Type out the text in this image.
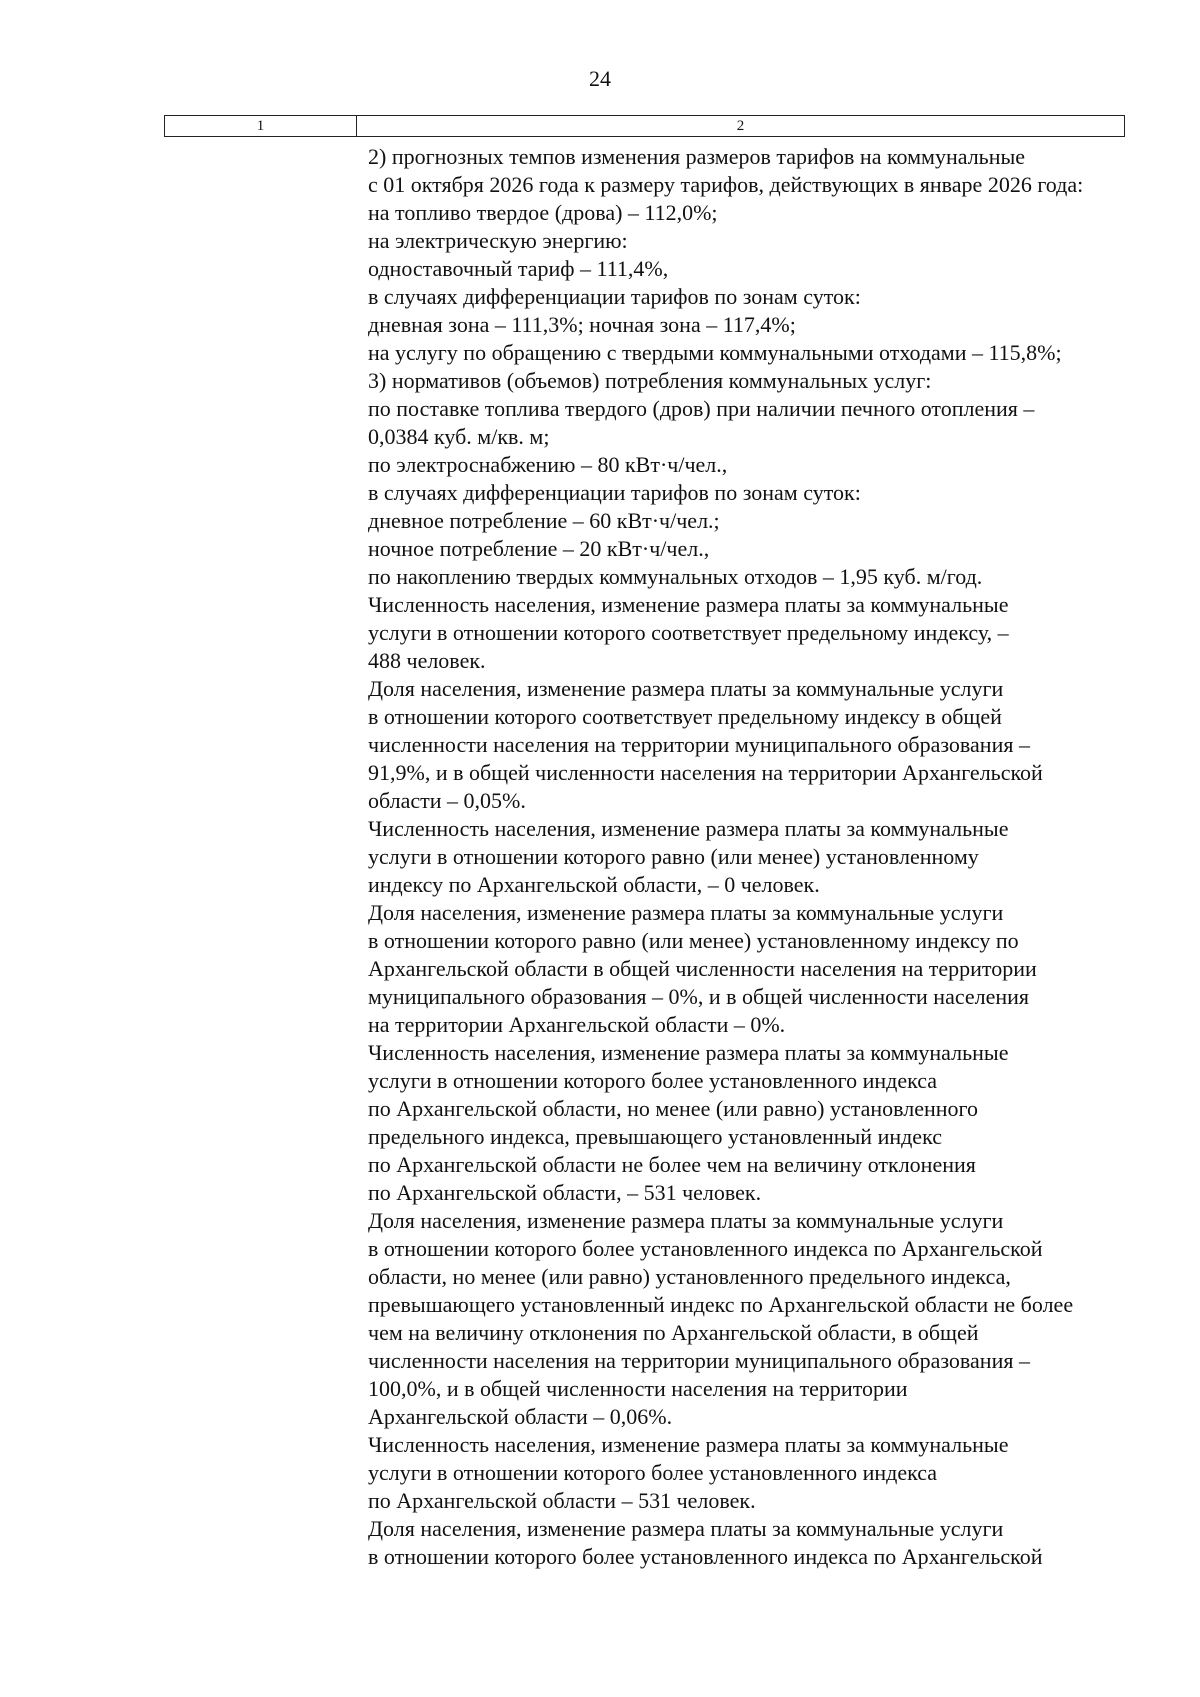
24
1	2
2) прогнозных темпов изменения размеров тарифов на коммунальные
с 01 октября 2026 года к размеру тарифов, действующих в январе 2026 года:
на топливо твердое (дрова) – 112,0%;
на электрическую энергию:
одноставочный тариф – 111,4%,
в случаях дифференциации тарифов по зонам суток:
дневная зона – 111,3%; ночная зона – 117,4%;
на услугу по обращению с твердыми коммунальными отходами – 115,8%;
3) нормативов (объемов) потребления коммунальных услуг:
по поставке топлива твердого (дров) при наличии печного отопления –
0,0384 куб. м/кв. м;
по электроснабжению – 80 кВт·ч/чел.,
в случаях дифференциации тарифов по зонам суток:
дневное потребление – 60 кВт·ч/чел.;
ночное потребление – 20 кВт·ч/чел.,
по накоплению твердых коммунальных отходов – 1,95 куб. м/год.
Численность населения, изменение размера платы за коммунальные
услуги в отношении которого соответствует предельному индексу, –
488 человек.
Доля населения, изменение размера платы за коммунальные услуги
в отношении которого соответствует предельному индексу в общей
численности населения на территории муниципального образования –
91,9%, и в общей численности населения на территории Архангельской
области – 0,05%.
Численность населения, изменение размера платы за коммунальные
услуги в отношении которого равно (или менее) установленному
индексу по Архангельской области, – 0 человек.
Доля населения, изменение размера платы за коммунальные услуги
в отношении которого равно (или менее) установленному индексу по
Архангельской области в общей численности населения на территории
муниципального образования – 0%, и в общей численности населения
на территории Архангельской области – 0%.
Численность населения, изменение размера платы за коммунальные
услуги в отношении которого более установленного индекса
по Архангельской области, но менее (или равно) установленного
предельного индекса, превышающего установленный индекс
по Архангельской области не более чем на величину отклонения
по Архангельской области, – 531 человек.
Доля населения, изменение размера платы за коммунальные услуги
в отношении которого более установленного индекса по Архангельской
области, но менее (или равно) установленного предельного индекса,
превышающего установленный индекс по Архангельской области не более
чем на величину отклонения по Архангельской области, в общей
численности населения на территории муниципального образования –
100,0%, и в общей численности населения на территории
Архангельской области – 0,06%.
Численность населения, изменение размера платы за коммунальные
услуги в отношении которого более установленного индекса
по Архангельской области – 531 человек.
Доля населения, изменение размера платы за коммунальные услуги
в отношении которого более установленного индекса по Архангельской
